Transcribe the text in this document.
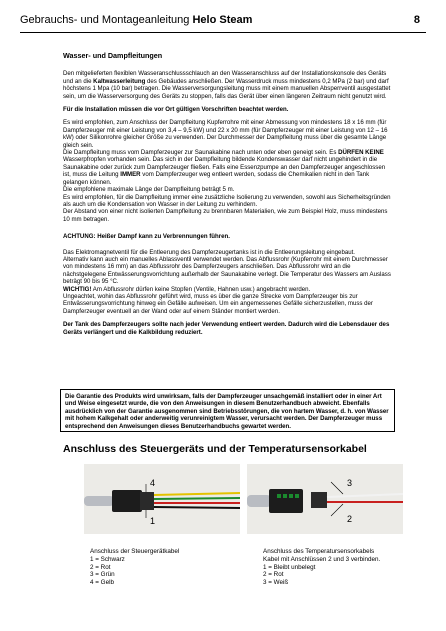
Gebrauchs- und Montageanleitung Helo Steam	8
Wasser- und Dampfleitungen

Den mitgelieferten flexiblen Wasseranschlussschlauch an den Wasseranschluss auf der Installationskonsole des Geräts und an die Kaltwasserleitung des Gebäudes anschließen. Der Wasserdruck muss mindestens 0,2 MPa (2 bar) und darf höchstens 1 Mpa (10 bar) betragen. Die Wasserversorgungsleitung muss mit einem manuellen Absperrventil ausgestattet sein, um die Wasserversorgung des Geräts zu stoppen, falls das Gerät über einen längeren Zeitraum nicht genutzt wird.

Für die Installation müssen die vor Ort gültigen Vorschriften beachtet werden.

Es wird empfohlen, zum Anschluss der Dampfleitung Kupferrohre mit einer Abmessung von mindestens 18 x 16 mm (für Dampferzeuger mit einer Leistung von 3,4 – 9,5 kW) und 22 x 20 mm (für Dampferzeuger mit einer Leistung von 12 – 16 kW) oder Silikonrohre gleicher Größe zu verwenden. Der Durchmesser der Dampfleitung muss über die gesamte Länge gleich sein.

Die Dampfleitung muss vom Dampferzeuger zur Saunakabine nach unten oder eben geneigt sein. Es DÜRFEN KEINE Wasserpfropfen vorhanden sein. Das sich in der Dampfleitung bildende Kondenswasser darf nicht ungehindert in die Saunakabine oder zurück zum Dampferzeuger fließen. Falls eine Essenzpumpe an den Dampferzeuger angeschlossen ist, muss die Leitung IMMER vom Dampferzeuger weg entleert werden, sodass die Chemikalien nicht in den Tank gelangen können.

Die empfohlene maximale Länge der Dampfleitung beträgt 5 m.

Es wird empfohlen, für die Dampfleitung immer eine zusätzliche Isolierung zu verwenden, sowohl aus Sicherheitsgründen als auch um die Kondensation von Wasser in der Leitung zu verhindern.

Der Abstand von einer nicht isolierten Dampfleitung zu brennbaren Materialien, wie zum Beispiel Holz, muss mindestens 10 mm betragen.

ACHTUNG: Heißer Dampf kann zu Verbrennungen führen.

Das Elektromagnetventil für die Entleerung des Dampferzeugertanks ist in die Entleerungsleitung eingebaut.

Alternativ kann auch ein manuelles Ablassventil verwendet werden. Das Abflussrohr (Kupferrohr mit einem Durchmesser von mindestens 16 mm) an das Abflussrohr des Dampferzeugers anschließen. Das Abflussrohr wird an die nächstgelegene Entwässerungsvorrichtung außerhalb der Saunakabine verlegt. Die Temperatur des Wassers am Auslass beträgt 90 bis 95 °C.

WICHTIG! Am Abflussrohr dürfen keine Stopfen (Ventile, Hahnen usw.) angebracht werden.

Ungeachtet, wohin das Abflussrohr geführt wird, muss es über die ganze Strecke vom Dampferzeuger bis zur Entwässerungsvorrichtung hinweg ein Gefälle aufweisen. Um ein angemessenes Gefälle sicherzustellen, muss der Dampferzeuger eventuell an der Wand oder auf einem Ständer montiert werden.

Der Tank des Dampferzeugers sollte nach jeder Verwendung entleert werden. Dadurch wird die Lebensdauer des Geräts verlängert und die Kalkbildung reduziert.

Die Garantie des Produkts wird unwirksam, falls der Dampferzeuger unsachgemäß installiert oder in einer Art und Weise eingesetzt wurde, die von den Anweisungen in diesem Benutzerhandbuch abweicht. Ebenfalls ausdrücklich von der Garantie ausgenommen sind Betriebsstörungen, die von hartem Wasser, d. h. von Wasser mit hohem Kalkgehalt oder anderweitig verunreinigtem Wasser, verursacht werden. Der Dampferzeuger muss entsprechend den Anweisungen dieses Benutzerhandbuchs gewartet werden.
Anschluss des Steuergeräts und der Temperatursensorkabel
4
1
3
2
Anschluss der Steuergerätkabel
1 = Schwarz
2 = Rot
3 = Grün
4 = Gelb
Anschluss des Temperatursensorkabels
Kabel mit Anschlüssen 2 und 3 verbinden.
1 = Bleibt unbelegt
2 = Rot
3 = Weiß
